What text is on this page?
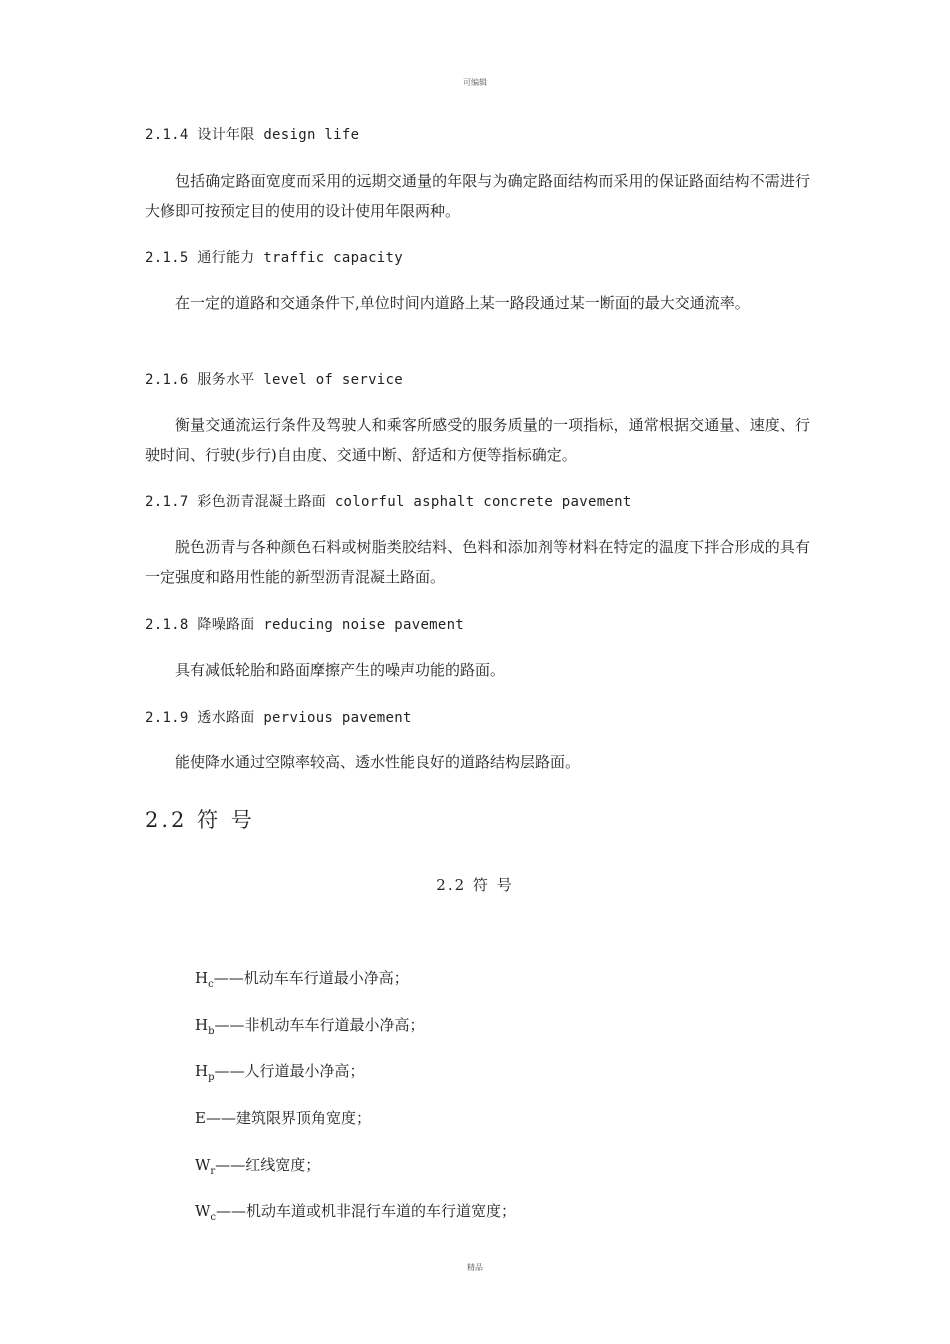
可编辑
2.1.4 设计年限 design life
包括确定路面宽度而采用的远期交通量的年限与为确定路面结构而采用的保证路面结构不需进行大修即可按预定目的使用的设计使用年限两种。
2.1.5 通行能力 traffic capacity
在一定的道路和交通条件下,单位时间内道路上某一路段通过某一断面的最大交通流率。
2.1.6 服务水平 level of service
衡量交通流运行条件及驾驶人和乘客所感受的服务质量的一项指标，通常根据交通量、速度、行驶时间、行驶(步行)自由度、交通中断、舒适和方便等指标确定。
2.1.7 彩色沥青混凝土路面 colorful asphalt concrete pavement
脱色沥青与各种颜色石料或树脂类胶结料、色料和添加剂等材料在特定的温度下拌合形成的具有一定强度和路用性能的新型沥青混凝土路面。
2.1.8 降噪路面 reducing noise pavement
具有减低轮胎和路面摩擦产生的噪声功能的路面。
2.1.9 透水路面 pervious pavement
能使降水通过空隙率较高、透水性能良好的道路结构层路面。
2.2 符 号
2.2 符 号
$H_c——$机动车车行道最小净高；
$H_b——$非机动车车行道最小净高；
$H_p——$人行道最小净高；
E——建筑限界顶角宽度；
$W_r——$红线宽度；
$W_c——$机动车道或机非混行车道的车行道宽度；
精品
